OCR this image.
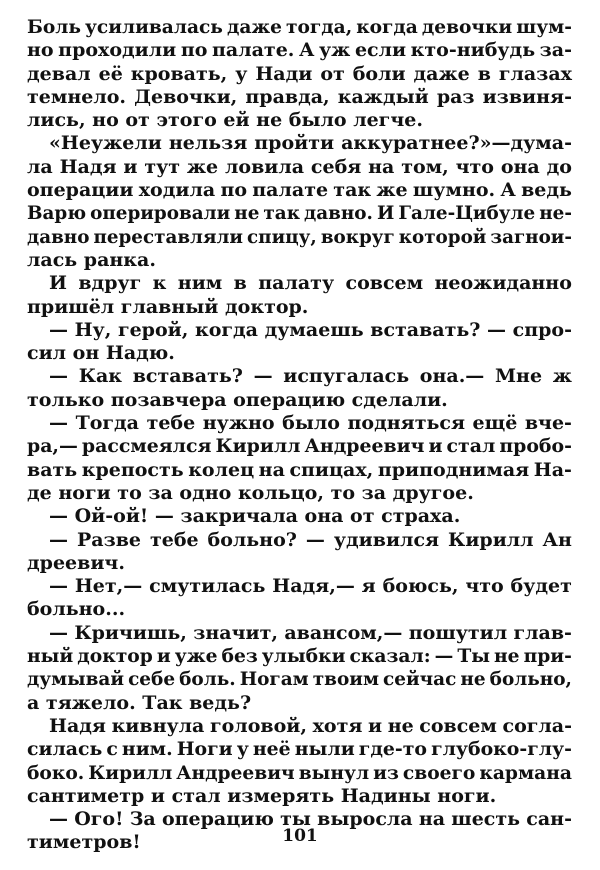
Боль усиливалась даже тогда, когда девочки шум-
но проходили по палате. А уж если кто-нибудь за-
девал её кровать, у Нади от боли даже в глазах
темнело. Девочки, правда, каждый раз извиня-
лись, но от этого ей не было легче.
«Неужели нельзя пройти аккуратнее?»—дума-
ла Надя и тут же ловила себя на том, что она до
операции ходила по палате так же шумно. А ведь
Варю оперировали не так давно. И Гале-Цибуле не-
давно переставляли спицу, вокруг которой загнои-
лась ранка.
И вдруг к ним в палату совсем неожиданно
пришёл главный доктор.
— Ну, герой, когда думаешь вставать? — спро-
сил он Надю.
— Как вставать? — испугалась она.— Мне ж
только позавчера операцию сделали.
— Тогда тебе нужно было подняться ещё вче-
ра,— рассмеялся Кирилл Андреевич и стал пробо-
вать крепость колец на спицах, приподнимая На-
де ноги то за одно кольцо, то за другое.
— Ой-ой! — закричала она от страха.
— Разве тебе больно? — удивился Кирилл Ан
дреевич.
— Нет,— смутилась Надя,— я боюсь, что будет
больно...
— Кричишь, значит, авансом,— пошутил глав-
ный доктор и уже без улыбки сказал: — Ты не при-
думывай себе боль. Ногам твоим сейчас не больно,
а тяжело. Так ведь?
Надя кивнула головой, хотя и не совсем согла-
силась с ним. Ноги у неё ныли где-то глубоко-глу-
боко. Кирилл Андреевич вынул из своего кармана
сантиметр и стал измерять Надины ноги.
— Ого! За операцию ты выросла на шесть сан-
тиметров!	101
